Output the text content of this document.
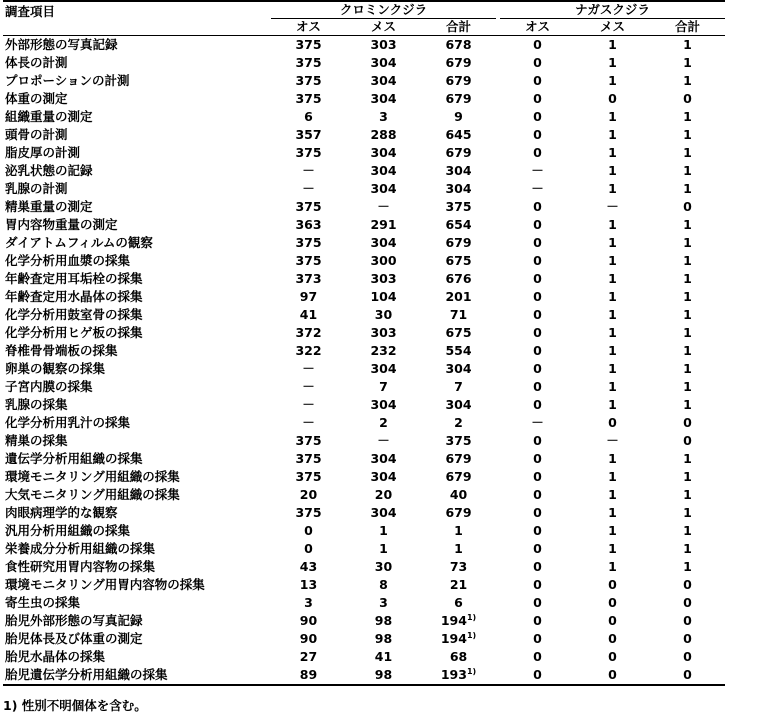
調査項目	クロミンクジラ				ナガスクジラ		
	オス	メス	合計		オス	メス	合計
外部形態の写真記録	375	303	678		0	1	1
体長の計測	375	304	679		0	1	1
プロポーションの計測	375	304	679		0	1	1
体重の測定	375	304	679		0	0	0
組織重量の測定	6	3	9		0	1	1
頭骨の計測	357	288	645		0	1	1
脂皮厚の計測	375	304	679		0	1	1
泌乳状態の記録	－	304	304		－	1	1
乳腺の計測	－	304	304		－	1	1
精巣重量の測定	375	－	375		0	－	0
胃内容物重量の測定	363	291	654		0	1	1
ダイアトムフィルムの観察	375	304	679		0	1	1
化学分析用血漿の採集	375	300	675		0	1	1
年齢査定用耳垢栓の採集	373	303	676		0	1	1
年齢査定用水晶体の採集	97	104	201		0	1	1
化学分析用鼓室骨の採集	41	30	71		0	1	1
化学分析用ヒゲ板の採集	372	303	675		0	1	1
脊椎骨骨端板の採集	322	232	554		0	1	1
卵巣の観察の採集	－	304	304		0	1	1
子宮内膜の採集	－	7	7		0	1	1
乳腺の採集	－	304	304		0	1	1
化学分析用乳汁の採集	－	2	2		－	0	0
精巣の採集	375	－	375		0	－	0
遺伝学分析用組織の採集	375	304	679		0	1	1
環境モニタリング用組織の採集	375	304	679		0	1	1
大気モニタリング用組織の採集	20	20	40		0	1	1
肉眼病理学的な観察	375	304	679		0	1	1
汎用分析用組織の採集	0	1	1		0	1	1
栄養成分分析用組織の採集	0	1	1		0	1	1
食性研究用胃内容物の採集	43	30	73		0	1	1
環境モニタリング用胃内容物の採集	13	8	21		0	0	0
寄生虫の採集	3	3	6		0	0	0
胎児外部形態の写真記録	90	98	194$^{1)}$		0	0	0
胎児体長及び体重の測定	90	98	194$^{1)}$		0	0	0
胎児水晶体の採集	27	41	68		0	0	0
胎児遺伝学分析用組織の採集	89	98	193$^{1)}$		0	0	0
1) 性別不明個体を含む。
